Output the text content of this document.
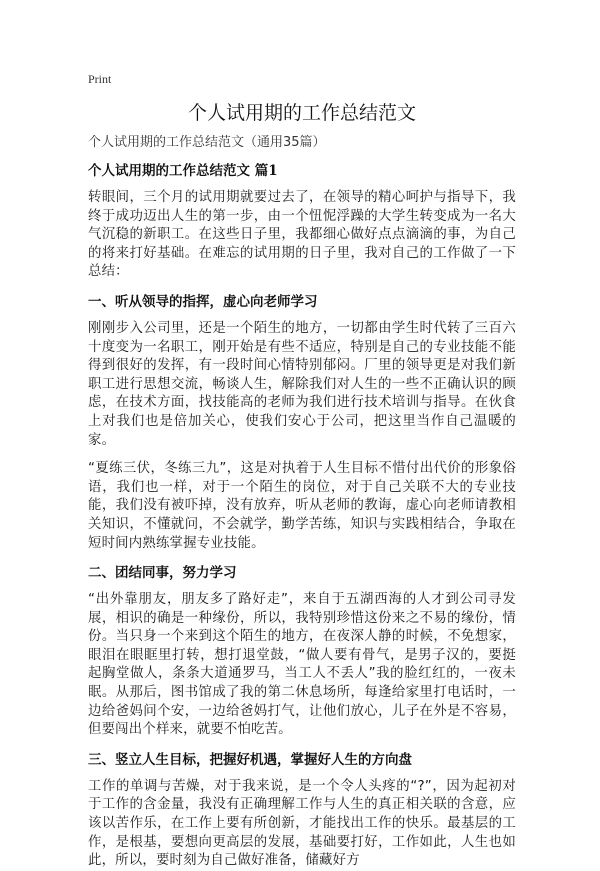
Print
个人试用期的工作总结范文
个人试用期的工作总结范文（通用35篇）
个人试用期的工作总结范文 篇1

转眼间，三个月的试用期就要过去了，在领导的精心呵护与指导下，我终于成功迈出人生的第一步，由一个忸怩浮躁的大学生转变成为一名大气沉稳的新职工。在这些日子里，我都细心做好点点滴滴的事，为自己的将来打好基础。在难忘的试用期的日子里，我对自己的工作做了一下总结：

一、听从领导的指挥，虚心向老师学习

刚刚步入公司里，还是一个陌生的地方，一切都由学生时代转了三百六十度变为一名职工，刚开始是有些不适应，特别是自己的专业技能不能得到很好的发挥，有一段时间心情特别郁闷。厂里的领导更是对我们新职工进行思想交流，畅谈人生，解除我们对人生的一些不正确认识的顾虑，在技术方面，找技能高的老师为我们进行技术培训与指导。在伙食上对我们也是倍加关心，使我们安心于公司，把这里当作自己温暖的家。

“夏练三伏，冬练三九”，这是对执着于人生目标不惜付出代价的形象俗语，我们也一样，对于一个陌生的岗位，对于自己关联不大的专业技能，我们没有被吓掉，没有放弃，听从老师的教诲，虚心向老师请教相关知识，不懂就问，不会就学，勤学苦练，知识与实践相结合，争取在短时间内熟练掌握专业技能。

二、团结同事，努力学习

“出外靠朋友，朋友多了路好走”，来自于五湖西海的人才到公司寻发展，相识的确是一种缘份，所以，我特别珍惜这份来之不易的缘份，情份。当只身一个来到这个陌生的地方，在夜深人静的时候，不免想家，眼泪在眼眶里打转，想打退堂鼓，“做人要有骨气，是男子汉的，要挺起胸堂做人，条条大道通罗马，当工人不丢人”我的脸红红的，一夜未眠。从那后，图书馆成了我的第二休息场所，每逢给家里打电话时，一边给爸妈问个安，一边给爸妈打气，让他们放心，儿子在外是不容易，但要闯出个样来，就要不怕吃苦。

三、竖立人生目标，把握好机遇，掌握好人生的方向盘

工作的单调与苦燥，对于我来说，是一个令人头疼的“?”，因为起初对于工作的含金量，我没有正确理解工作与人生的真正相关联的含意，应该以苦作乐，在工作上要有所创新，才能找出工作的快乐。最基层的工作，是根基，要想向更高层的发展，基础要打好，工作如此，人生也如此，所以，要时刻为自己做好准备，储藏好方
